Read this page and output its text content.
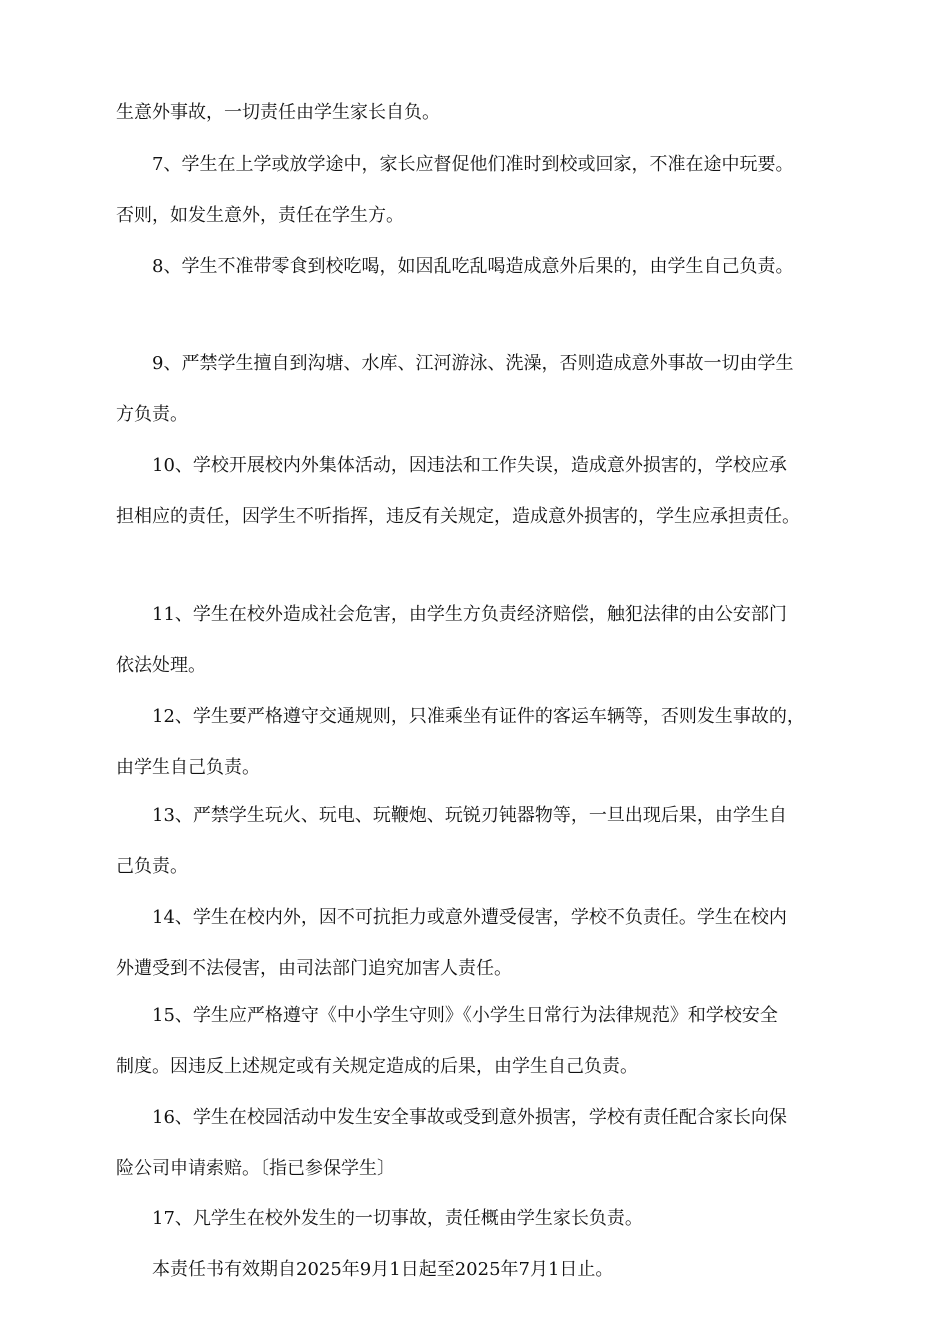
生意外事故，一切责任由学生家长自负。
7、学生在上学或放学途中，家长应督促他们准时到校或回家，不准在途中玩要。
否则，如发生意外，责任在学生方。
8、学生不准带零食到校吃喝，如因乱吃乱喝造成意外后果的，由学生自己负责。
9、严禁学生擅自到沟塘、水库、江河游泳、洗澡，否则造成意外事故一切由学生
方负责。
10、学校开展校内外集体活动，因违法和工作失误，造成意外损害的，学校应承
担相应的责任，因学生不听指挥，违反有关规定，造成意外损害的，学生应承担责任。
11、学生在校外造成社会危害，由学生方负责经济赔偿，触犯法律的由公安部门
依法处理。
12、学生要严格遵守交通规则，只准乘坐有证件的客运车辆等，否则发生事故的，
由学生自己负责。
13、严禁学生玩火、玩电、玩鞭炮、玩锐刃钝器物等，一旦出现后果，由学生自
己负责。
14、学生在校内外，因不可抗拒力或意外遭受侵害，学校不负责任。学生在校内
外遭受到不法侵害，由司法部门追究加害人责任。
15、学生应严格遵守《中小学生守则》《小学生日常行为法律规范》和学校安全
制度。因违反上述规定或有关规定造成的后果，由学生自己负责。
16、学生在校园活动中发生安全事故或受到意外损害，学校有责任配合家长向保
险公司申请索赔。〔指已参保学生〕
17、凡学生在校外发生的一切事故，责任概由学生家长负责。
本责任书有效期自2025年9月1日起至2025年7月1日止。
